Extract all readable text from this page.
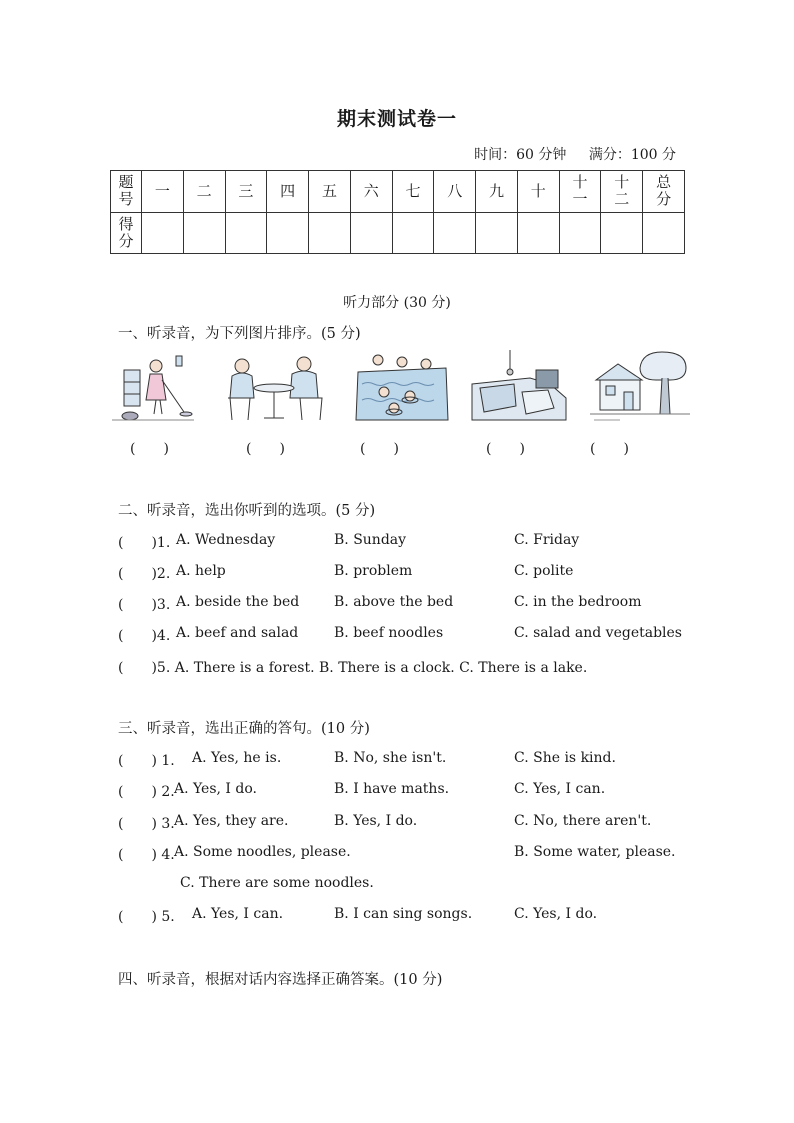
期末测试卷一
时间：60 分钟 满分：100 分
题号	一	二	三	四	五	六	七	八	九	十	十一	十二	总分

得分													

听力部分 (30 分)
一、听录音，为下列图片排序。(5 分)
(　　)	(　　)	(　　)	(　　)	(　　)
二、听录音，选出你听到的选项。(5 分)
(　　)1. A. Wednesday	B. Sunday	C. Friday
(　　)2. A. help	B. problem	C. polite
(　　)3. A. beside the bed B. above the bed	C. in the bedroom
(　　)4. A. beef and salad	B. beef noodles	C. salad and vegetables
(　　)5. A. There is a forest. B. There is a clock. C. There is a lake.
三、听录音，选出正确的答句。(10 分)
(　　) 1. A. Yes, he is.	B. No, she isn't.	C. She is kind.
(　　) 2. A. Yes, I do.	B. I have maths.	C. Yes, I can.
(　　) 3. A. Yes, they are.	B. Yes, I do.	C. No, there aren't.
(　　) 4. A. Some noodles, please.	B. Some water, please.
C. There are some noodles.
(　　) 5. A. Yes, I can.	B. I can sing songs.	C. Yes, I do.
四、听录音，根据对话内容选择正确答案。(10 分)
